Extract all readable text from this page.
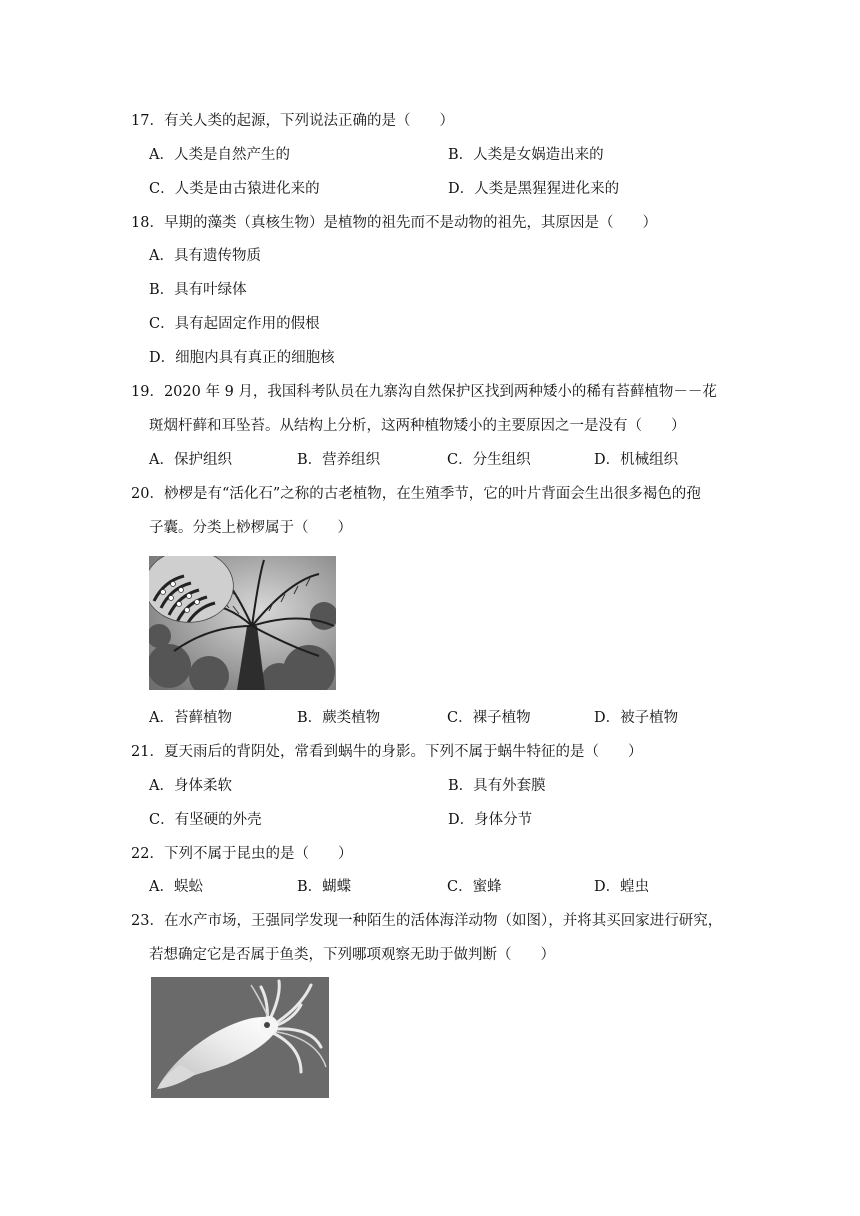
17．有关人类的起源，下列说法正确的是（　　）
A．人类是自然产生的	B．人类是女娲造出来的
C．人类是由古猿进化来的	D．人类是黑猩猩进化来的
18．早期的藻类（真核生物）是植物的祖先而不是动物的祖先，其原因是（　　）
A．具有遗传物质
B．具有叶绿体
C．具有起固定作用的假根
D．细胞内具有真正的细胞核
19．2020 年 9 月，我国科考队员在九寨沟自然保护区找到两种矮小的稀有苔藓植物－－花
斑烟杆藓和耳坠苔。从结构上分析，这两种植物矮小的主要原因之一是没有（　　）
A．保护组织	B．营养组织	C．分生组织	D．机械组织
20．桫椤是有“活化石”之称的古老植物，在生殖季节，它的叶片背面会生出很多褐色的孢
子囊。分类上桫椤属于（　　）
A．苔藓植物	B．蕨类植物	C．裸子植物	D．被子植物
21．夏天雨后的背阴处，常看到蜗牛的身影。下列不属于蜗牛特征的是（　　）
A．身体柔软	B．具有外套膜
C．有坚硬的外壳	D．身体分节
22．下列不属于昆虫的是（　　）
A．蜈蚣	B．蝴蝶	C．蜜蜂	D．蝗虫
23．在水产市场，王强同学发现一种陌生的活体海洋动物（如图），并将其买回家进行研究，
若想确定它是否属于鱼类，下列哪项观察无助于做判断（　　）
